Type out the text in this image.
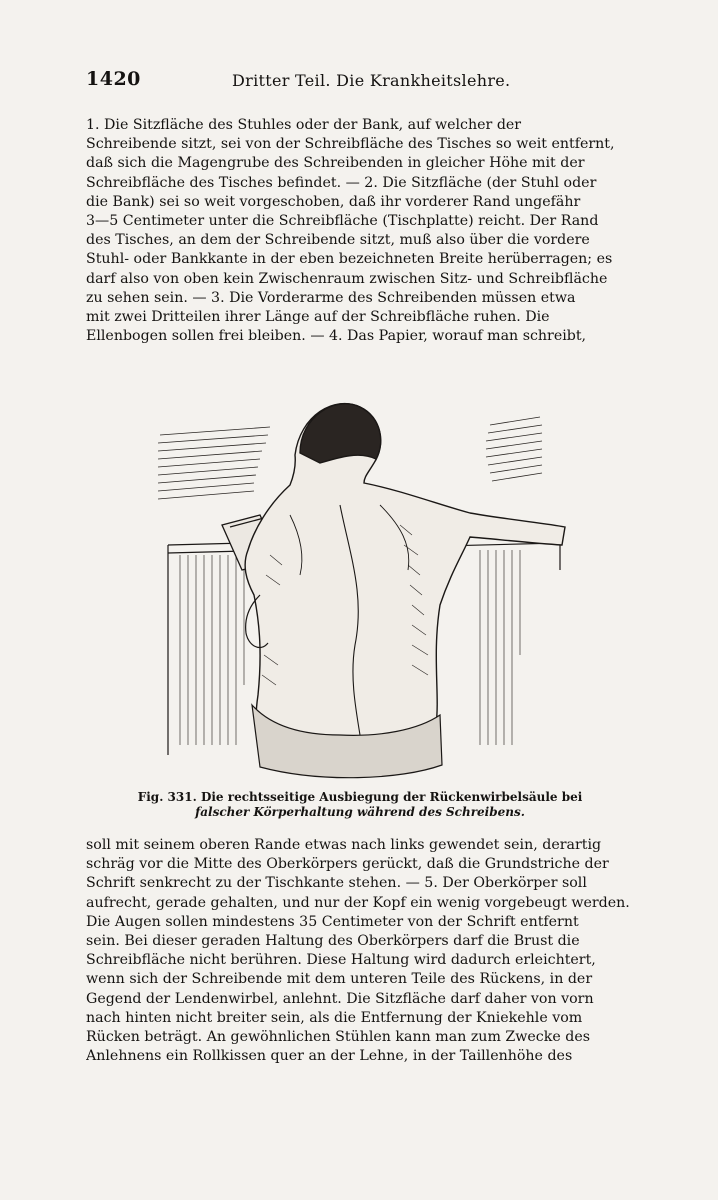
1420	Dritter Teil. Die Krankheitslehre.
1. Die Sitzfläche des Stuhles oder der Bank, auf welcher der
Schreibende sitzt, sei von der Schreibfläche des Tisches so weit entfernt,
daß sich die Magengrube des Schreibenden in gleicher Höhe mit der
Schreibfläche des Tisches befindet. — 2. Die Sitzfläche (der Stuhl oder
die Bank) sei so weit vorgeschoben, daß ihr vorderer Rand ungefähr
3—5 Centimeter unter die Schreibfläche (Tischplatte) reicht. Der Rand
des Tisches, an dem der Schreibende sitzt, muß also über die vordere
Stuhl- oder Bankkante in der eben bezeichneten Breite herüberragen; es
darf also von oben kein Zwischenraum zwischen Sitz- und Schreibfläche
zu sehen sein. — 3. Die Vorderarme des Schreibenden müssen etwa
mit zwei Dritteilen ihrer Länge auf der Schreibfläche ruhen. Die
Ellenbogen sollen frei bleiben. — 4. Das Papier, worauf man schreibt,
Fig. 331. Die rechtsseitige Ausbiegung der Rückenwirbelsäule bei
falscher Körperhaltung während des Schreibens.
soll mit seinem oberen Rande etwas nach links gewendet sein, derartig
schräg vor die Mitte des Oberkörpers gerückt, daß die Grundstriche der
Schrift senkrecht zu der Tischkante stehen. — 5. Der Oberkörper soll
aufrecht, gerade gehalten, und nur der Kopf ein wenig vorgebeugt werden.
Die Augen sollen mindestens 35 Centimeter von der Schrift entfernt
sein. Bei dieser geraden Haltung des Oberkörpers darf die Brust die
Schreibfläche nicht berühren. Diese Haltung wird dadurch erleichtert,
wenn sich der Schreibende mit dem unteren Teile des Rückens, in der
Gegend der Lendenwirbel, anlehnt. Die Sitzfläche darf daher von vorn
nach hinten nicht breiter sein, als die Entfernung der Kniekehle vom
Rücken beträgt. An gewöhnlichen Stühlen kann man zum Zwecke des
Anlehnens ein Rollkissen quer an der Lehne, in der Taillenhöhe des
